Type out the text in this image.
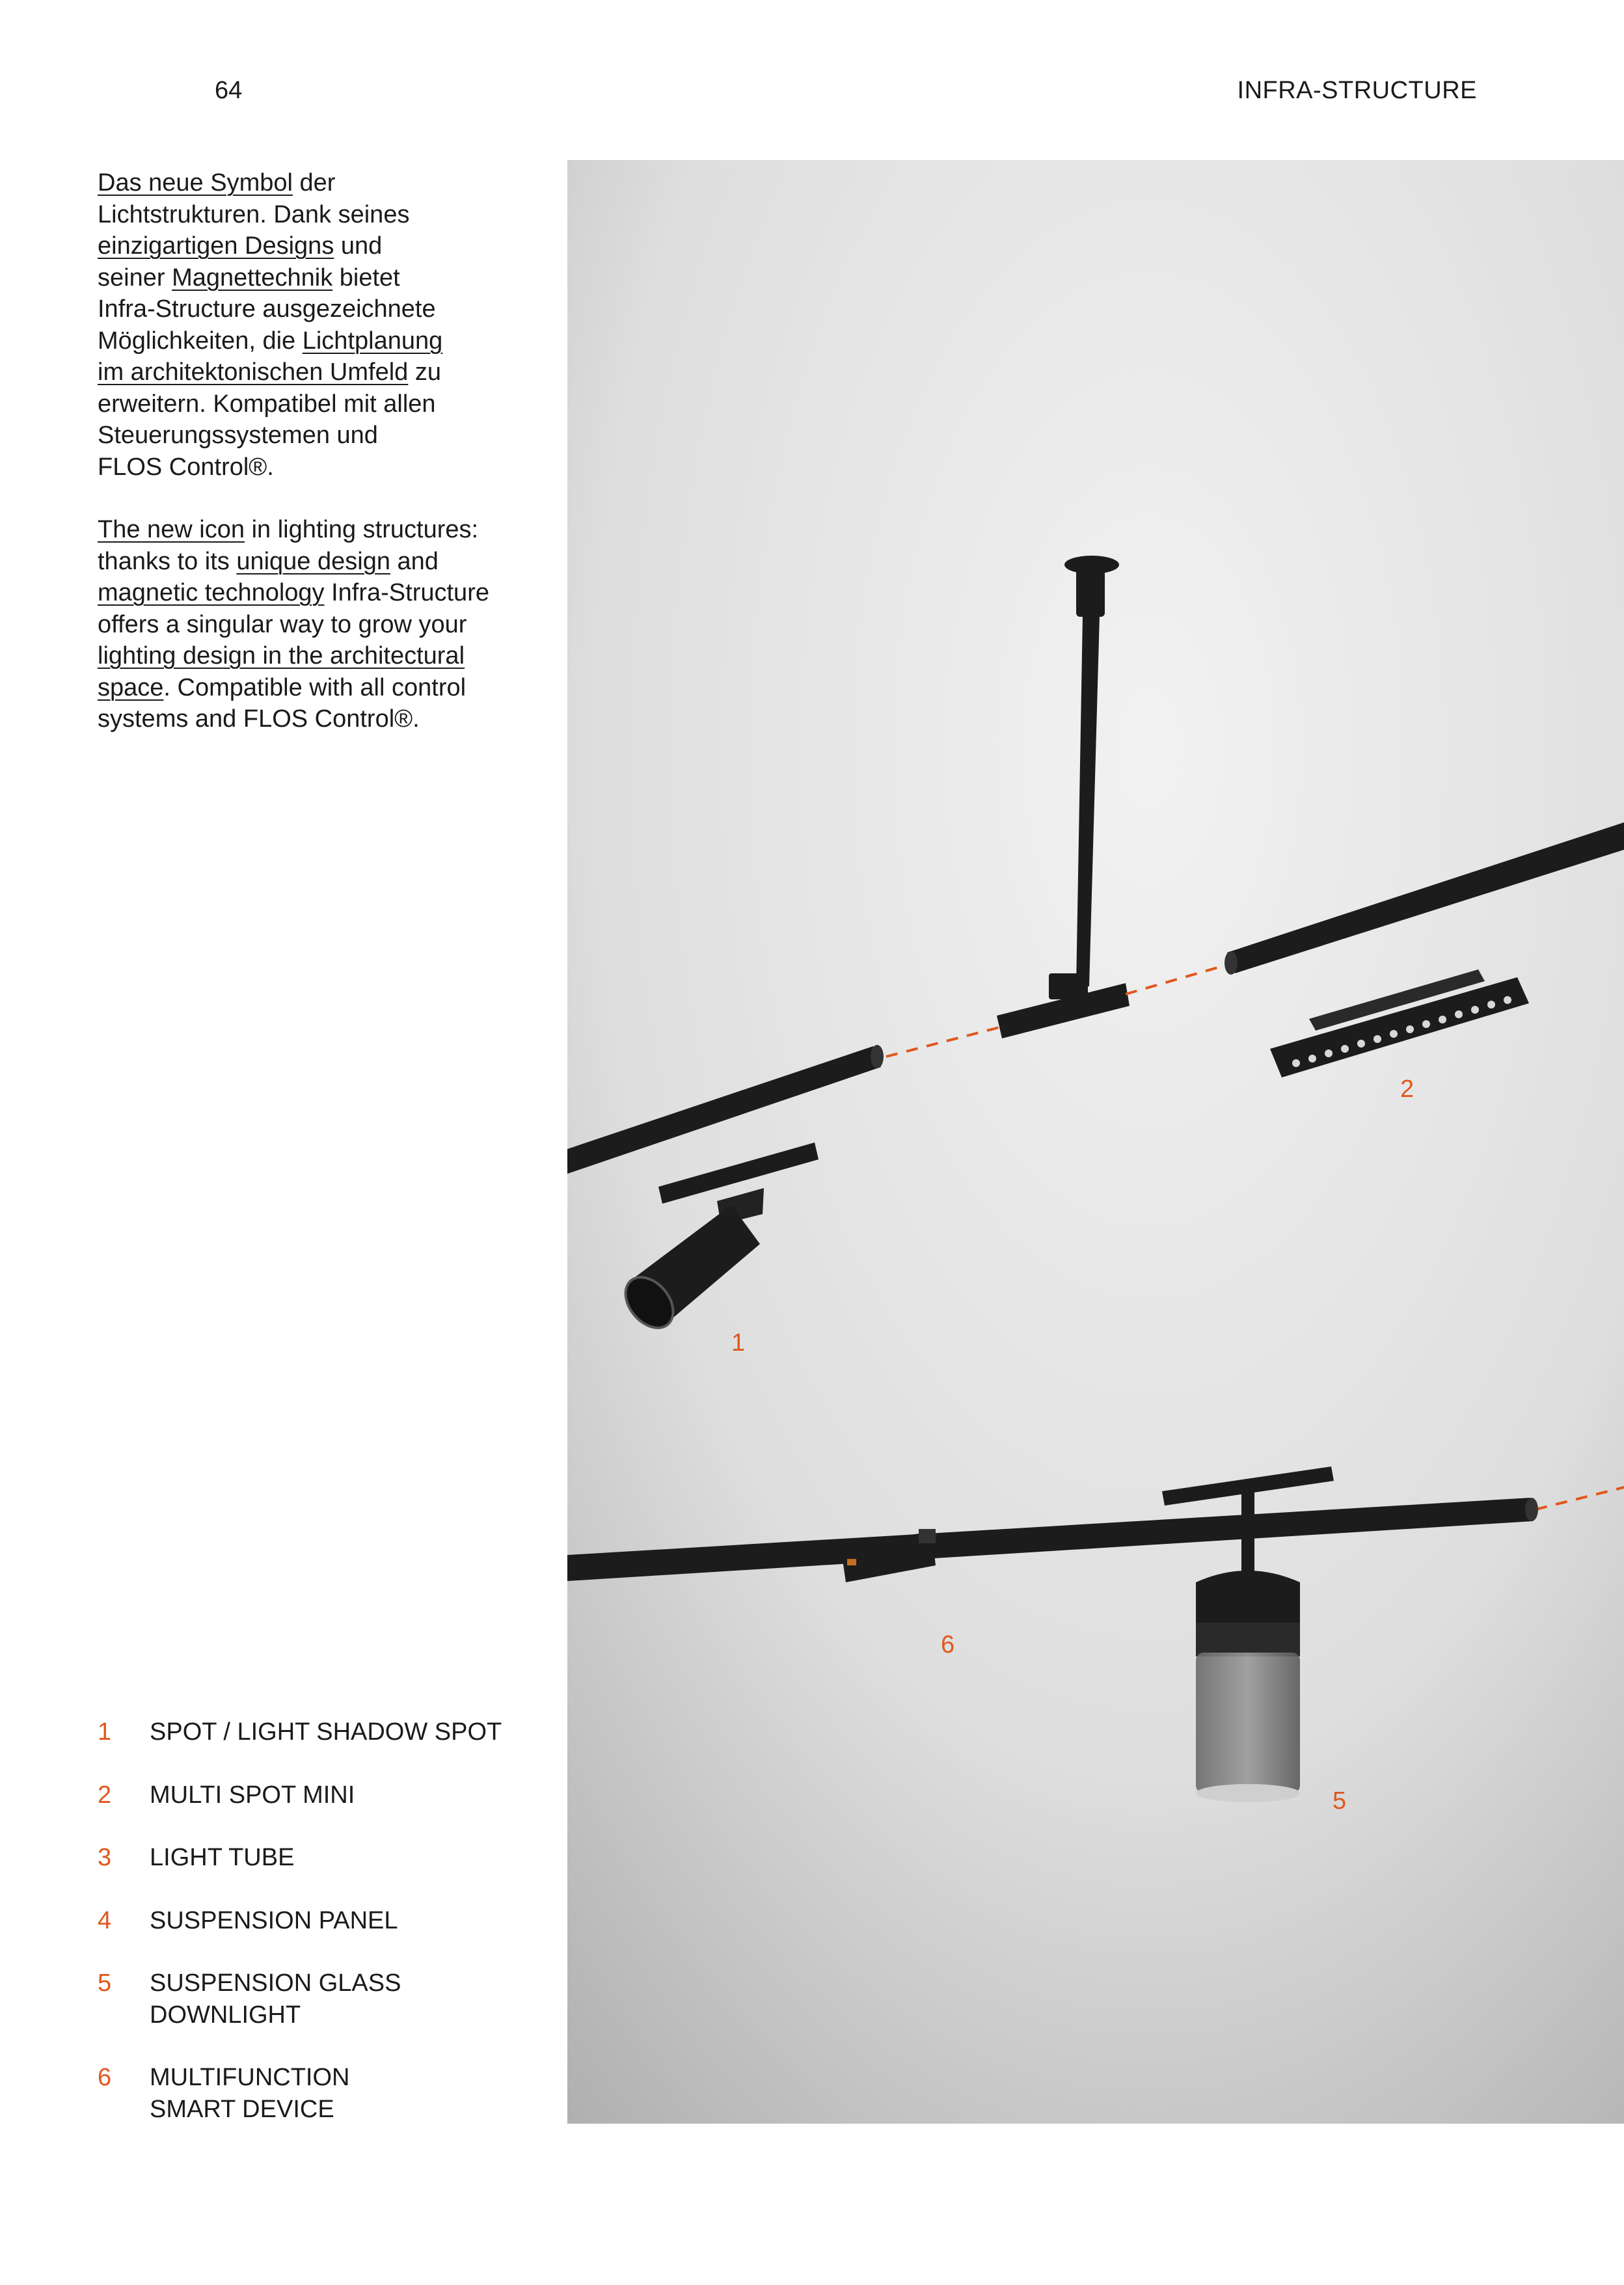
64	INFRA-STRUCTURE

Das neue Symbol der
Lichtstrukturen. Dank seines
einzigartigen Designs und
seiner Magnettechnik bietet
Infra-Structure ausgezeichnete
Möglichkeiten, die Lichtplanung
im architektonischen Umfeld zu
erweitern. Kompatibel mit allen
Steuerungssystemen und
FLOS Control®.

The new icon in lighting structures:
thanks to its unique design and
magnetic technology Infra-Structure
offers a singular way to grow your
lighting design in the architectural
space. Compatible with all control
systems and FLOS Control®.

1	SPOT / LIGHT SHADOW SPOT
2	MULTI SPOT MINI
3	LIGHT TUBE
4	SUSPENSION PANEL
5	SUSPENSION GLASS
DOWNLIGHT
6	MULTIFUNCTION
SMART DEVICE
1
2
6
5
